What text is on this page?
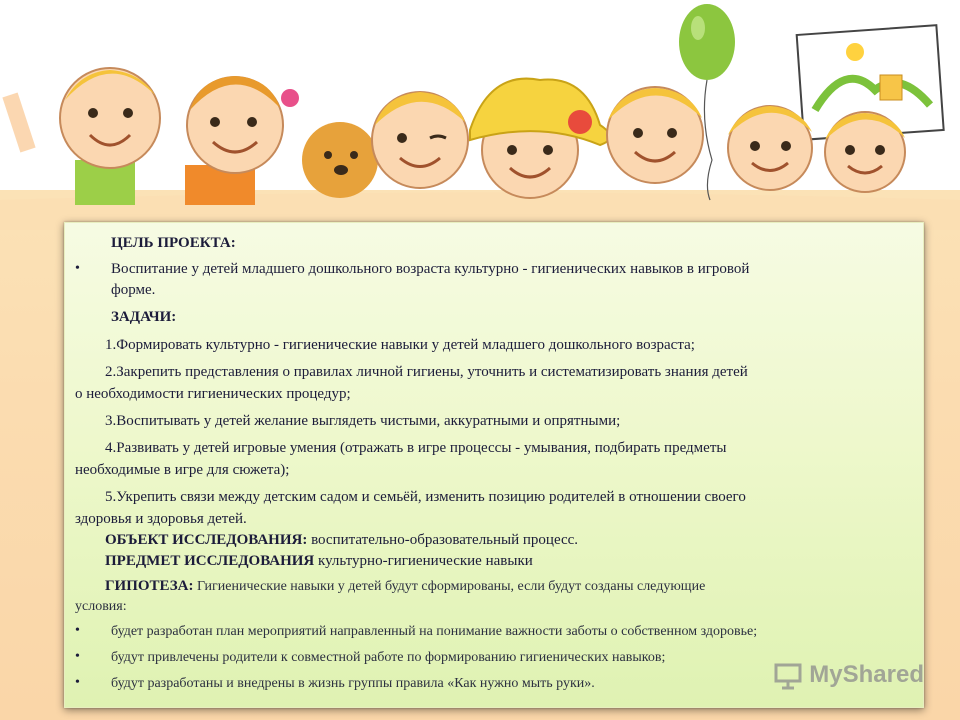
ЦЕЛЬ ПРОЕКТА:
• Воспитание у детей младшего дошкольного возраста культурно - гигиенических навыков в игровой
форме.
ЗАДАЧИ:
1.Формировать культурно - гигиенические навыки у детей младшего дошкольного возраста;
2.Закрепить представления о правилах личной гигиены, уточнить и систематизировать знания детей
о необходимости гигиенических процедур;
3.Воспитывать у детей желание выглядеть чистыми, аккуратными и опрятными;
4.Развивать у детей игровые умения (отражать в игре процессы - умывания, подбирать предметы
необходимые в игре для сюжета);
5.Укрепить связи между детским садом и семьёй, изменить позицию родителей в отношении своего
здоровья и здоровья детей.
ОБЪЕКТ ИССЛЕДОВАНИЯ: воспитательно-образовательный процесс.
ПРЕДМЕТ ИССЛЕДОВАНИЯ культурно-гигиенические навыки
ГИПОТЕЗА: Гигиенические навыки у детей будут сформированы, если будут созданы следующие
условия:
• будет разработан план мероприятий направленный на понимание важности заботы о собственном здоровье;
• будут привлечены родители к совместной работе по формированию гигиенических навыков;
• будут разработаны и внедрены в жизнь группы правила «Как нужно мыть руки».	MyShared
